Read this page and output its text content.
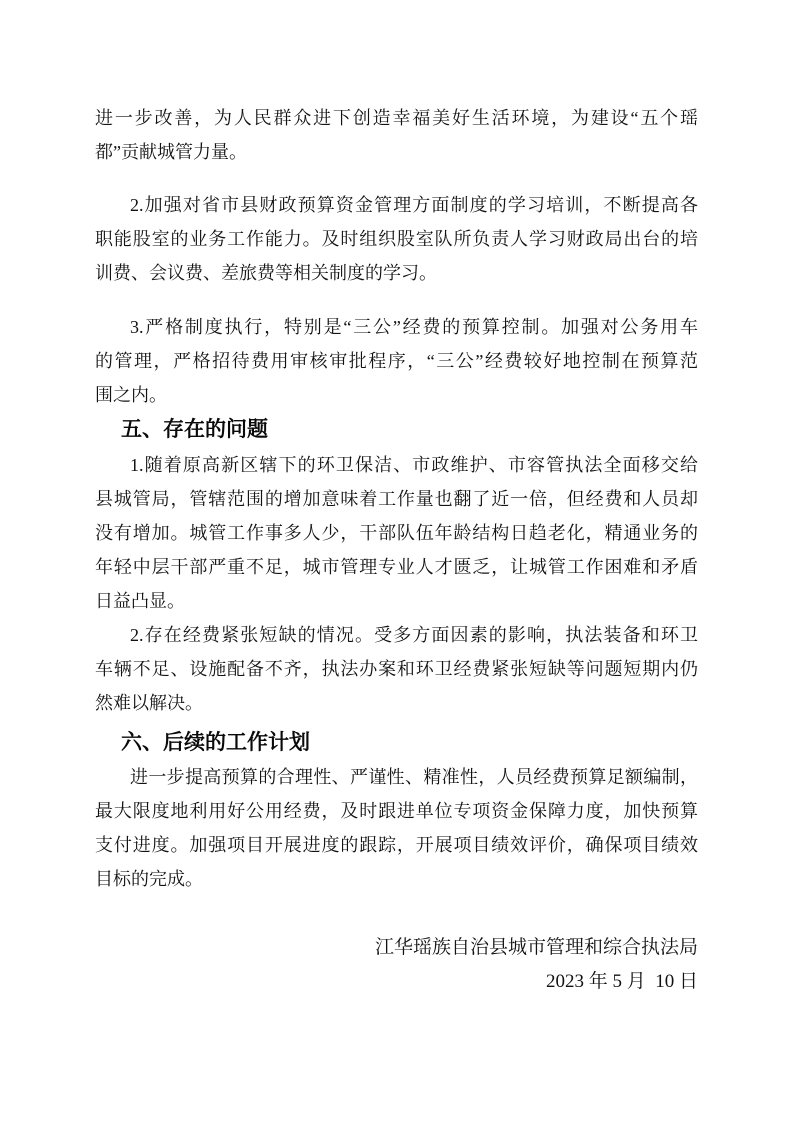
进一步改善，为人民群众进下创造幸福美好生活环境，为建设“五个瑶
都”贡献城管力量。
2.加强对省市县财政预算资金管理方面制度的学习培训，不断提高各
职能股室的业务工作能力。及时组织股室队所负责人学习财政局出台的培
训费、会议费、差旅费等相关制度的学习。
3.严格制度执行，特别是“三公”经费的预算控制。加强对公务用车
的管理，严格招待费用审核审批程序，“三公”经费较好地控制在预算范
围之内。
五、存在的问题
1.随着原高新区辖下的环卫保洁、市政维护、市容管执法全面移交给
县城管局，管辖范围的增加意味着工作量也翻了近一倍，但经费和人员却
没有增加。城管工作事多人少，干部队伍年龄结构日趋老化，精通业务的
年轻中层干部严重不足，城市管理专业人才匮乏，让城管工作困难和矛盾
日益凸显。
2.存在经费紧张短缺的情况。受多方面因素的影响，执法装备和环卫
车辆不足、设施配备不齐，执法办案和环卫经费紧张短缺等问题短期内仍
然难以解决。
六、后续的工作计划
进一步提高预算的合理性、严谨性、精准性，人员经费预算足额编制，
最大限度地利用好公用经费，及时跟进单位专项资金保障力度，加快预算
支付进度。加强项目开展进度的跟踪，开展项目绩效评价，确保项目绩效
目标的完成。
江华瑶族自治县城市管理和综合执法局
2023 年 5 月  10 日
